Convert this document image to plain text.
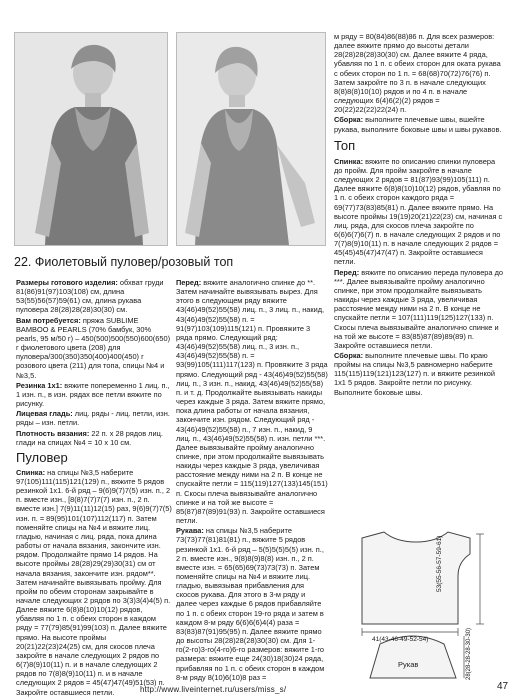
22. Фиолетовый пуловер/розовый топ

Размеры готового изделия: обхват груди 81(86)91(97)103(108) см, длина 53(55)56(57)59(61) см, длина рукава пуловера 28(28)28(28)30(30) см.

Вам потребуется: пряжа SUBLIME BAMBOO & PEARLS (70% бамбук, 30% pearls, 95 м/50 г) – 450(500)500(550)600(650) г фиолетового цвета (208) для пуловера/300(350)350(400)400(450) г розового цвета (211) для топа, спицы №4 и №3,5.

Резинка 1х1: вяжите попеременно 1 лиц. п., 1 изн. п., в изн. рядах все петли вяжите по рисунку.

Лицевая гладь: лиц. ряды - лиц. петли, изн. ряды – изн. петли.

Плотность вязания: 22 п. x 28 рядов лиц. глади на спицах №4 = 10 x 10 см.

Пуловер

Спинка: на спицы №3,5 наберите 97(105)111(115)121(129) п., вяжите 5 рядов резинкой 1х1. 6-й ряд – 9(6)9(7)7(5) изн. п., 2 п. вместе изн., [8(8)7(7)7(7) изн. п., 2 п. вместе изн.] 7(9)11(11)12(15) раз, 9(6)9(7)7(5) изн. п. = 89(95)101(107)112(117) п. Затем поменяйте спицы на №4 и вяжите лиц. гладью, начиная с лиц. ряда, пока длина работы от начала вязания, закончите изн. рядом. Продолжайте прямо 14 рядов. На высоте проймы 28(28)29(29)30(31) см от начала вязания, закончите изн. рядом**. Затем начинайте вывязывать пройму. Для пройм по обеим сторонам закрывайте в начале следующих 2 рядов по 3(3)3(4)4(5) п. Далее вяжите 6(8)8(10)10(12) рядов, убавляя по 1 п. с обеих сторон в каждом ряду = 77(79)85(91)99(103) п. Далее вяжите прямо. На высоте проймы 20(21)22(23)24(25) см, для скосов плеча закройте в начале следующих 2 рядов по 6(7)8(9)10(11) п. и в начале следующих 2 рядов по 7(8)8(9)10(11) п. и в начале следующих 2 рядов = 45(47)47(49)51(53) п. Закройте оставшиеся петли.

Перед: вяжите аналогично спинке до **. Затем начинайте вывязывать вырез. Для этого в следующем ряду вяжите 43(46)49(52)55(58) лиц. п., 3 лиц. п., накид, 43(46)49(52)55(58) п. = 91(97)103(109)115(121) п. Провяжите 3 ряда прямо. Следующий ряд: 43(46)49(52)55(58) лиц. п., 3 изн. п., 43(46)49(52)55(58) п. = 93(99)105(111)117(123) п. Провяжите 3 ряда прямо. Следующий ряд - 43(46)49(52)55(58) лиц. п., 3 изн. п., накид, 43(46)49(52)55(58) п. и т. д. Продолжайте вывязывать накиды через каждые 3 ряда. Затем вяжите прямо, пока длина работы от начала вязания, закончите изн. рядом. Следующий ряд - 43(46)49(52)55(58) п., 7 изн. п., накид, 9 лиц. п., 43(46)49(52)55(58) п. изн. петли ***. Далее вывязывайте пройму аналогично спинке, при этом продолжайте вывязывать накиды через каждые 3 ряда, увеличивая расстояние между ними на 2 п. В конце не спускайте петли = 115(119)127(133)145(151) п. Скосы плеча вывязывайте аналогично спинке и на той же высоте = 85(87)87(89)91(93) п. Закройте оставшиеся петли.

Рукава: на спицы №3,5 наберите 73(73)77(81)81(81) п., вяжите 5 рядов резинкой 1х1. 6-й ряд – 5(5)5(5)5(5) изн. п., 2 п. вместе изн., 9(8)8(9)8(8) изн. п., 2 п. вместе изн. = 65(65)69(73)73(73) п. Затем поменяйте спицы на №4 и вяжите лиц. гладью, вывязывая прибавления для скосов рукава. Для этого в 3-м ряду и далее через каждые 6 рядов прибавляйте по 1 п. с обеих сторон 19-го ряда и затем в каждом 8-м ряду 6(6)6(6)4(4) раза = 83(83)87(91)95(95) п. Далее вяжите прямо до высоты 28(28)28(28)30(30) см. Для 1-го(2-го)3-го(4-го)6-го размеров: вяжите 1-го размера: вяжите еще 24(30)18(30)24 ряда, прибавляя по 1 п. с обеих сторон в каждом 8-м ряду 8(10)6(10)8 раз =

м ряду = 80(84)86(88)86 п. Для всех размеров: далее вяжите прямо до высоты детали 28(28)28(28)30(30) см. Далее вяжите 4 ряда, убавляя по 1 п. с обеих сторон для оката рукава с обеих сторон по 1 п. = 68(68)70(72)76(76) п. Затем закройте по 3 п. в начале следующих 8(8)8(8)10(10) рядов и по 4 п. в начале следующих 6(4)6(2)(2) рядов = 20(22)22(22)22(24) п.

Сборка: выполните плечевые швы, вшейте рукава, выполните боковые швы и швы рукавов.

Топ

Спинка: вяжите по описанию спинки пуловера до пройм. Для пройм закройте в начале следующих 2 рядов = 81(87)93(99)105(111) п. Далее вяжите 6(8)8(10)10(12) рядов, убавляя по 1 п. с обеих сторон каждого ряда = 69(77)73(83)85(81) п. Далее вяжите прямо. На высоте проймы 19(19)20(21)22(23) см, начиная с лиц. ряда, для скосов плеча закройте по 6(6)6(7)6(7) п. в начале следующих 2 рядов и по 7(7)8(9)10(11) п. в начале следующих 2 рядов = 45(45)45(47)47(47) п. Закройте оставшиеся петли.

Перед: вяжите по описанию переда пуловера до ***. Далее вывязывайте пройму аналогично спинке, при этом продолжайте вывязывать накиды через каждые 3 ряда, увеличивая расстояние между ними на 2 п. В конце не спускайте петли = 107(111)119(125)127(133) п. Скосы плеча вывязывайте аналогично спинке и на той же высоте = 83(85)87(89)89(89) п. Закройте оставшиеся петли.

Сборка: выполните плечевые швы. По краю проймы на спицы №3,5 равномерно наберите 115(115)119(121)123(127) п. и вяжите резинкой 1х1 5 рядов. Закройте петли по рисунку. Выполните боковые швы.

53(55-56-57-59-61)
41(43-46-49-52-54)
Рукав	28(28-28-28-30-30)
http://www.liveinternet.ru/users/miss_s/	47
